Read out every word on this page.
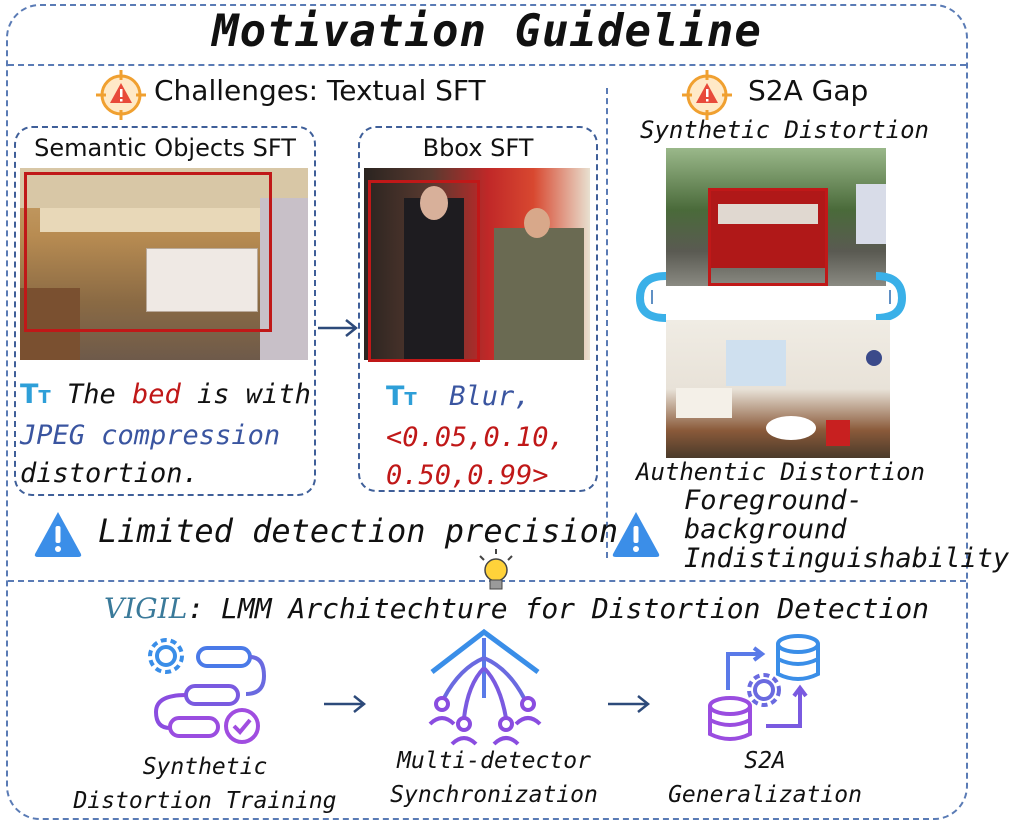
Motivation Guideline
Challenges: Textual SFT
Semantic Objects SFT
TT The bed is with
JPEG compression
distortion.
Bbox SFT
TT Blur,
<0.05,0.10,
0.50,0.99>
Limited detection precision
S2A Gap
Synthetic Distortion
Authentic Distortion
Foreground-
background
Indistinguishability
VIGIL: LMM Architechture for Distortion Detection
Synthetic
Distortion Training
Multi-detector
Synchronization
S2A
Generalization
